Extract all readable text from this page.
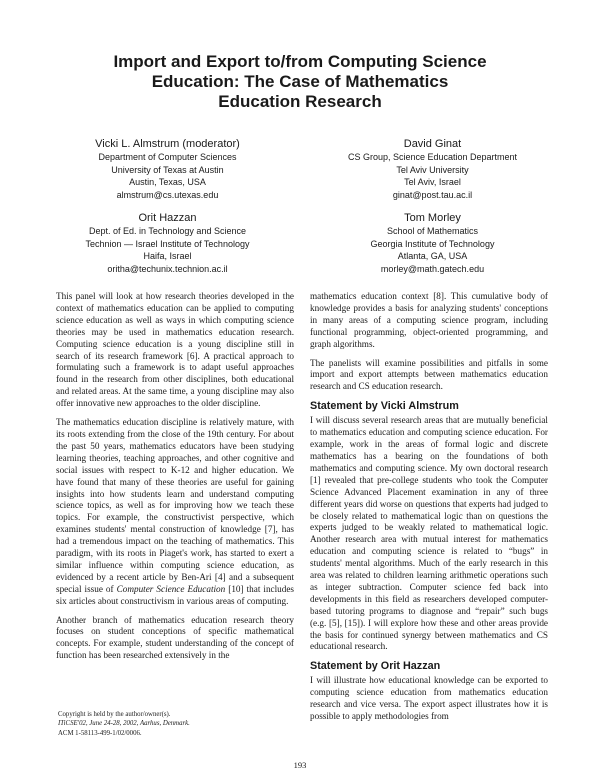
Import and Export to/from Computing Science
Education: The Case of Mathematics
Education Research
Vicki L. Almstrum (moderator)
Department of Computer Sciences
University of Texas at Austin
Austin, Texas, USA
almstrum@cs.utexas.edu
David Ginat
CS Group, Science Education Department
Tel Aviv University
Tel Aviv, Israel
ginat@post.tau.ac.il
Orit Hazzan
Dept. of Ed. in Technology and Science
Technion — Israel Institute of Technology
Haifa, Israel
oritha@techunix.technion.ac.il
Tom Morley
School of Mathematics
Georgia Institute of Technology
Atlanta, GA, USA
morley@math.gatech.edu

This panel will look at how research theories developed in the context of mathematics education can be applied to computing science education as well as ways in which computing science theories may be used in mathematics education research. Computing science education is a young discipline still in search of its research framework [6]. A practical approach to formulating such a framework is to adapt useful approaches found in the research from other disciplines, both educational and related areas. At the same time, a young discipline may also offer innovative new approaches to the older discipline.

The mathematics education discipline is relatively mature, with its roots extending from the close of the 19th century. For about the past 50 years, mathematics educators have been studying learning theories, teaching approaches, and other cognitive and social issues with respect to K-12 and higher education. We have found that many of these theories are useful for gaining insights into how students learn and understand computing science topics, as well as for improving how we teach these topics. For example, the constructivist perspective, which examines students' mental construction of knowledge [7], has had a tremendous impact on the teaching of mathematics. This paradigm, with its roots in Piaget's work, has started to exert a similar influence within computing science education, as evidenced by a recent article by Ben-Ari [4] and a subsequent special issue of Computer Science Education [10] that includes six articles about constructivism in various areas of computing.

Another branch of mathematics education research theory focuses on student conceptions of specific mathematical concepts. For example, student understanding of the concept of function has been researched extensively in the

mathematics education context [8]. This cumulative body of knowledge provides a basis for analyzing students' conceptions in many areas of a computing science program, including functional programming, object-oriented programming, and graph algorithms.

The panelists will examine possibilities and pitfalls in some import and export attempts between mathematics education research and CS education research.

Statement by Vicki Almstrum

I will discuss several research areas that are mutually beneficial to mathematics education and computing science education. For example, work in the areas of formal logic and discrete mathematics has a bearing on the foundations of both mathematics and computing science. My own doctoral research [1] revealed that pre-college students who took the Computer Science Advanced Placement examination in any of three different years did worse on questions that experts had judged to be closely related to mathematical logic than on questions the experts judged to be weakly related to mathematical logic. Another research area with mutual interest for mathematics education and computing science is related to “bugs” in students' mental algorithms. Much of the early research in this area was related to children learning arithmetic operations such as integer subtraction. Computer science fed back into developments in this field as researchers developed computer-based tutoring programs to diagnose and “repair” such bugs (e.g. [5], [15]). I will explore how these and other areas provide the basis for continued synergy between mathematics and CS educational research.

Statement by Orit Hazzan

I will illustrate how educational knowledge can be exported to computing science education from mathematics education research and vice versa. The export aspect illustrates how it is possible to apply methodologies from

Copyright is held by the author/owner(s).
ITiCSE'02, June 24-28, 2002, Aarhus, Denmark.
ACM 1-58113-499-1/02/0006.
193
